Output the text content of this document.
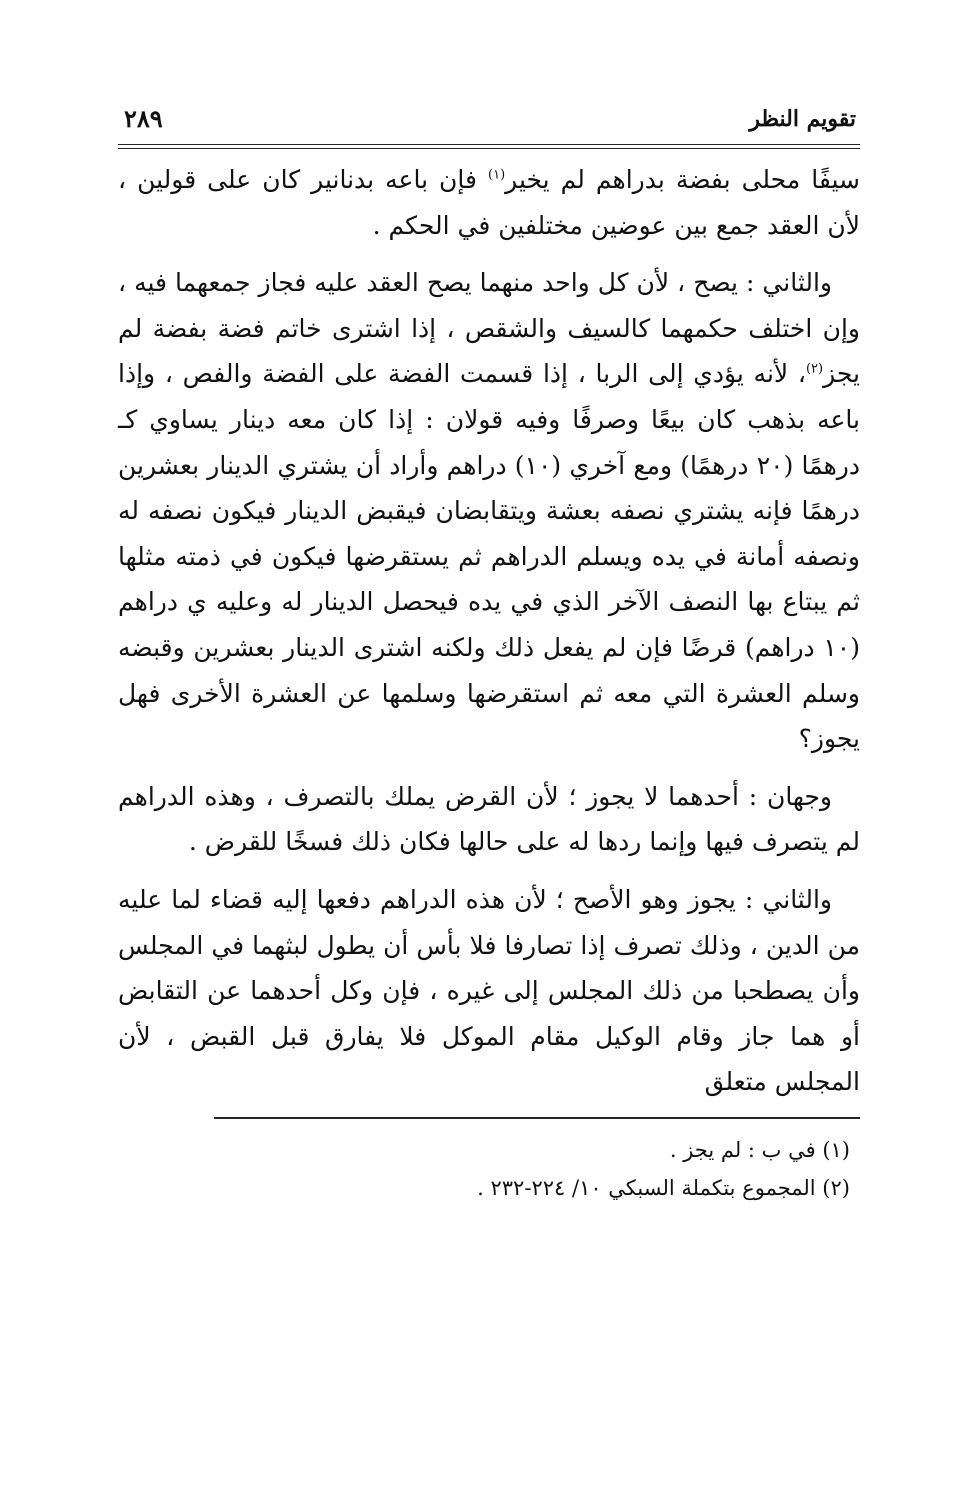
تقويم النظر
٢٨٩

سيفًا محلى بفضة بدراهم لم يخير$^{(١)}$ فإن باعه بدنانير كان على قولين ، لأن العقد جمع بين عوضين مختلفين في الحكم .

والثاني : يصح ، لأن كل واحد منهما يصح العقد عليه فجاز جمعهما فيه ، وإن اختلف حكمهما كالسيف والشقص ، إذا اشترى خاتم فضة بفضة لم يجز$^{(٢)}$، لأنه يؤدي إلى الربا ، إذا قسمت الفضة على الفضة والفص ، وإذا باعه بذهب كان بيعًا وصرفًا وفيه قولان : إذا كان معه دينار يساوي كـ درهمًا (٢٠ درهمًا) ومع آخري (١٠) دراهم وأراد أن يشتري الدينار بعشرين درهمًا فإنه يشتري نصفه بعشة ويتقابضان فيقبض الدينار فيكون نصفه له ونصفه أمانة في يده ويسلم الدراهم ثم يستقرضها فيكون في ذمته مثلها ثم يبتاع بها النصف الآخر الذي في يده فيحصل الدينار له وعليه ي دراهم (١٠ دراهم) قرضًا فإن لم يفعل ذلك ولكنه اشترى الدينار بعشرين وقبضه وسلم العشرة التي معه ثم استقرضها وسلمها عن العشرة الأخرى فهل يجوز؟

وجهان : أحدهما لا يجوز ؛ لأن القرض يملك بالتصرف ، وهذه الدراهم لم يتصرف فيها وإنما ردها له على حالها فكان ذلك فسخًا للقرض .

والثاني : يجوز وهو الأصح ؛ لأن هذه الدراهم دفعها إليه قضاء لما عليه من الدين ، وذلك تصرف إذا تصارفا فلا بأس أن يطول لبثهما في المجلس وأن يصطحبا من ذلك المجلس إلى غيره ، فإن وكل أحدهما عن التقابض أو هما جاز وقام الوكيل مقام الموكل فلا يفارق قبل القبض ، لأن المجلس متعلق

(١) في ب : لم يجز .
(٢) المجموع بتكملة السبكي ١٠/ ٢٢٤-٢٣٢ .
